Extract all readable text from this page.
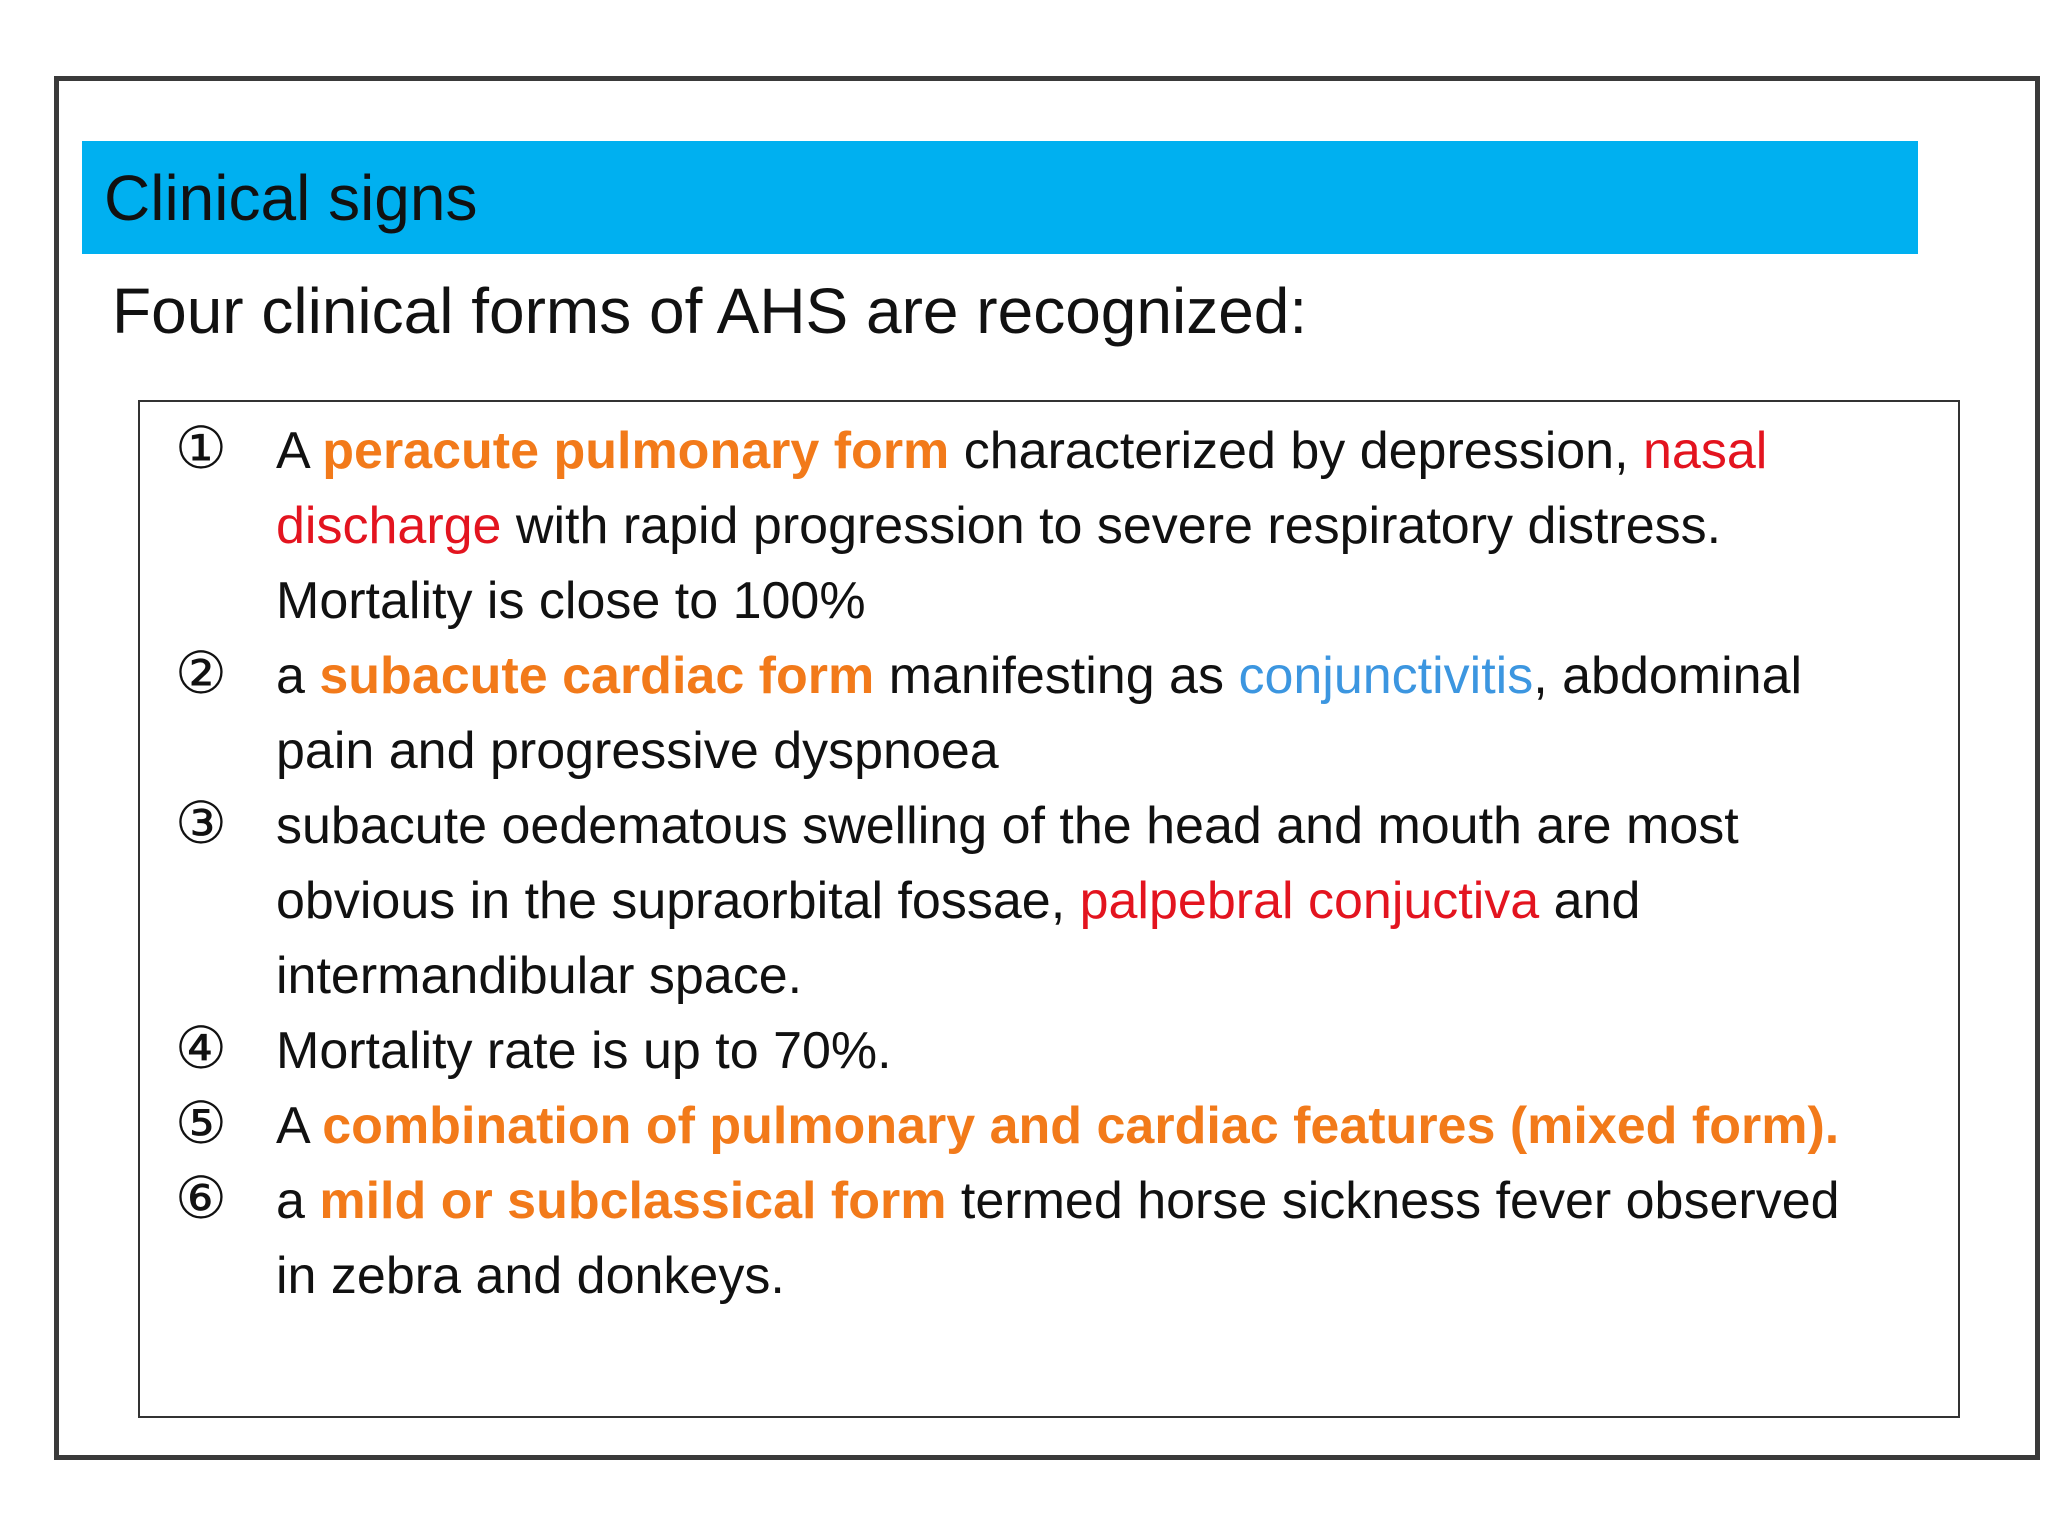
Clinical signs
Four clinical forms of AHS are recognized:
① A peracute pulmonary form characterized by depression, nasal
discharge with rapid progression to severe respiratory distress.
Mortality is close to 100%
② a subacute cardiac form manifesting as conjunctivitis, abdominal
pain and progressive dyspnoea
③ subacute oedematous swelling of the head and mouth are most
obvious in the supraorbital fossae, palpebral conjuctiva and
intermandibular space.
④ Mortality rate is up to 70%.
⑤ A combination of pulmonary and cardiac features (mixed form).
⑥ a mild or subclassical form termed horse sickness fever observed
in zebra and donkeys.
